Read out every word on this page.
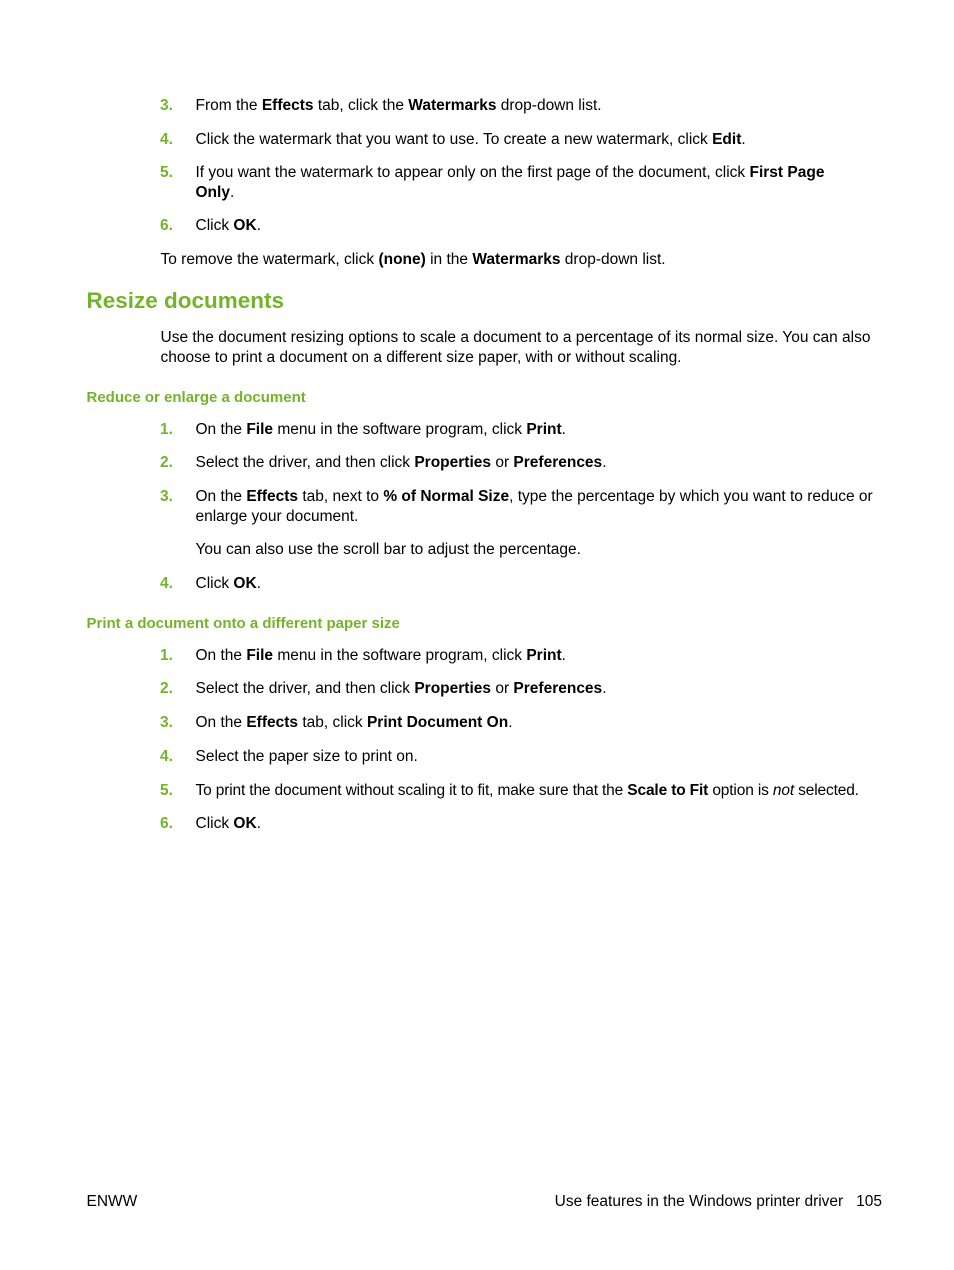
3.	From the Effects tab, click the Watermarks drop-down list.
4.	Click the watermark that you want to use. To create a new watermark, click Edit.
5.	If you want the watermark to appear only on the first page of the document, click First Page Only.
6.	Click OK.
To remove the watermark, click (none) in the Watermarks drop-down list.
Resize documents
Use the document resizing options to scale a document to a percentage of its normal size. You can also choose to print a document on a different size paper, with or without scaling.
Reduce or enlarge a document
1.	On the File menu in the software program, click Print.
2.	Select the driver, and then click Properties or Preferences.
3.	On the Effects tab, next to % of Normal Size, type the percentage by which you want to reduce or enlarge your document.
You can also use the scroll bar to adjust the percentage.
4.	Click OK.
Print a document onto a different paper size
1.	On the File menu in the software program, click Print.
2.	Select the driver, and then click Properties or Preferences.
3.	On the Effects tab, click Print Document On.
4.	Select the paper size to print on.
5.	To print the document without scaling it to fit, make sure that the Scale to Fit option is not selected.
6.	Click OK.
ENWW	Use features in the Windows printer driver   105
